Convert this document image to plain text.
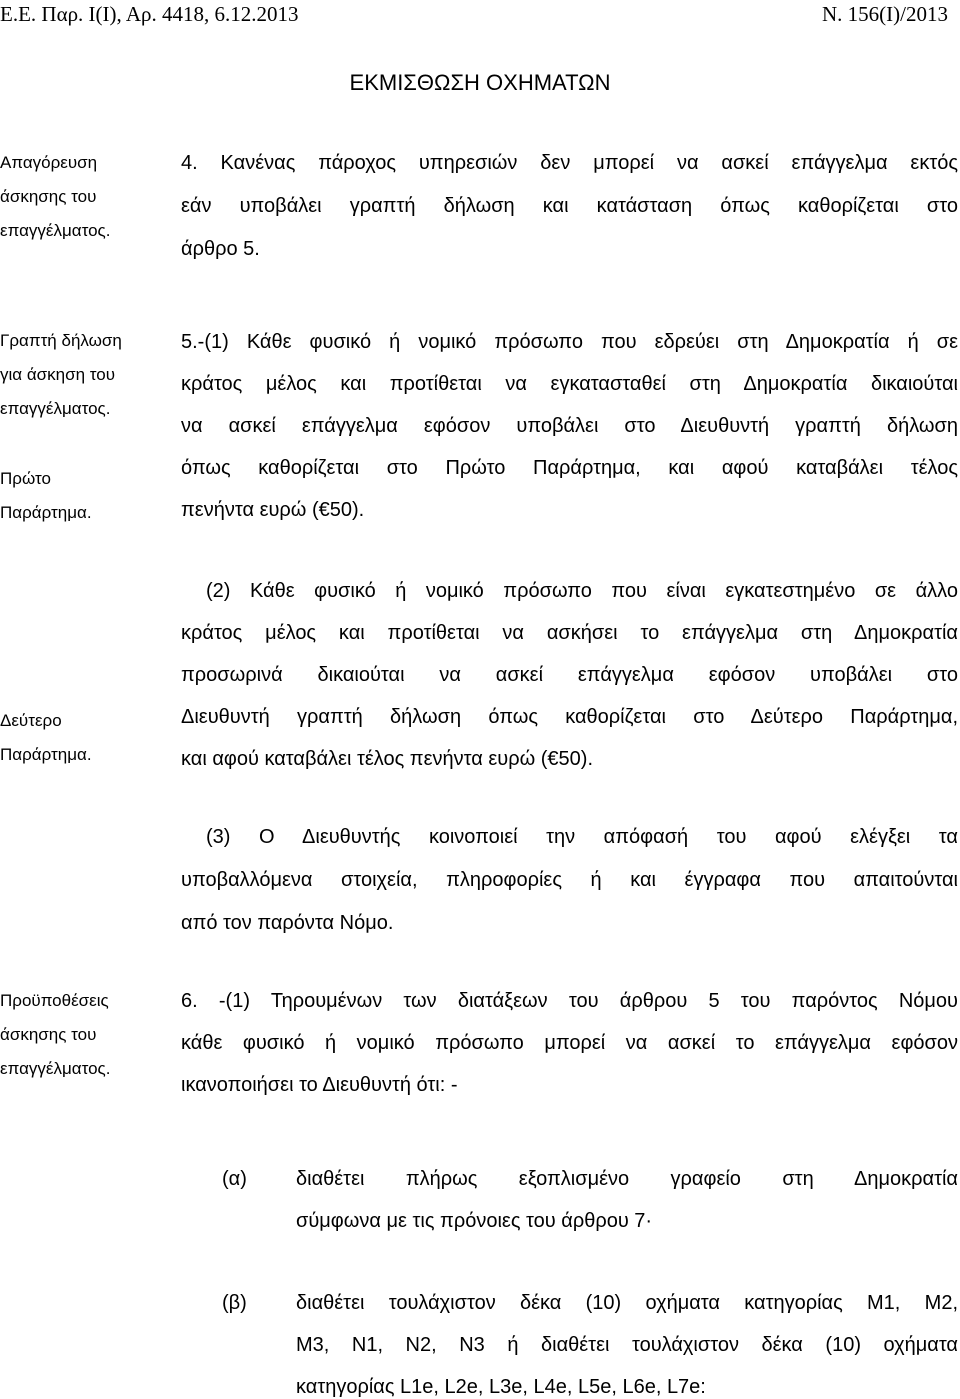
Ε.Ε. Παρ. Ι(Ι), Αρ. 4418, 6.12.2013	Ν. 156(Ι)/2013
ΕΚΜΙΣΘΩΣΗ ΟΧΗΜΑΤΩΝ
Απαγόρευση
άσκησης του
επαγγέλματος.
Γραπτή δήλωση
για άσκηση του
επαγγέλματος.
Πρώτο
Παράρτημα.
Δεύτερο
Παράρτημα.
Προϋποθέσεις
άσκησης του
επαγγέλματος.
4. Κανένας πάροχος υπηρεσιών δεν μπορεί να ασκεί επάγγελμα εκτός
εάν υποβάλει γραπτή δήλωση και κατάσταση όπως καθορίζεται στο
άρθρο 5.
5.-(1) Κάθε φυσικό ή νομικό πρόσωπο που εδρεύει στη Δημοκρατία ή σε
κράτος μέλος και προτίθεται να εγκατασταθεί στη Δημοκρατία δικαιούται
να ασκεί επάγγελμα εφόσον υποβάλει στο Διευθυντή γραπτή δήλωση
όπως καθορίζεται στο Πρώτο Παράρτημα, και αφού καταβάλει τέλος
πενήντα ευρώ (€50).
(2) Κάθε φυσικό ή νομικό πρόσωπο που είναι εγκατεστημένο σε άλλο
κράτος μέλος και προτίθεται να ασκήσει το επάγγελμα στη Δημοκρατία
προσωρινά δικαιούται να ασκεί επάγγελμα εφόσον υποβάλει στο
Διευθυντή γραπτή δήλωση όπως καθορίζεται στο Δεύτερο Παράρτημα,
και αφού καταβάλει τέλος πενήντα ευρώ (€50).
(3) Ο Διευθυντής κοινοποιεί την απόφασή του αφού ελέγξει τα
υποβαλλόμενα στοιχεία, πληροφορίες ή και έγγραφα που απαιτούνται
από τον παρόντα Νόμο.
6. -(1) Τηρουμένων των διατάξεων του άρθρου 5 του παρόντος Νόμου
κάθε φυσικό ή νομικό πρόσωπο μπορεί να ασκεί το επάγγελμα εφόσον
ικανοποιήσει το Διευθυντή ότι: -
(α) διαθέτει πλήρως εξοπλισμένο γραφείο στη Δημοκρατία
σύμφωνα με τις πρόνοιες του άρθρου 7·
(β) διαθέτει τουλάχιστον δέκα (10) οχήματα κατηγορίας Μ1, Μ2,
Μ3, Ν1, Ν2, Ν3 ή διαθέτει τουλάχιστον δέκα (10) οχήματα
κατηγορίας L1e, L2e, L3e, L4e, L5e, L6e, L7e:
